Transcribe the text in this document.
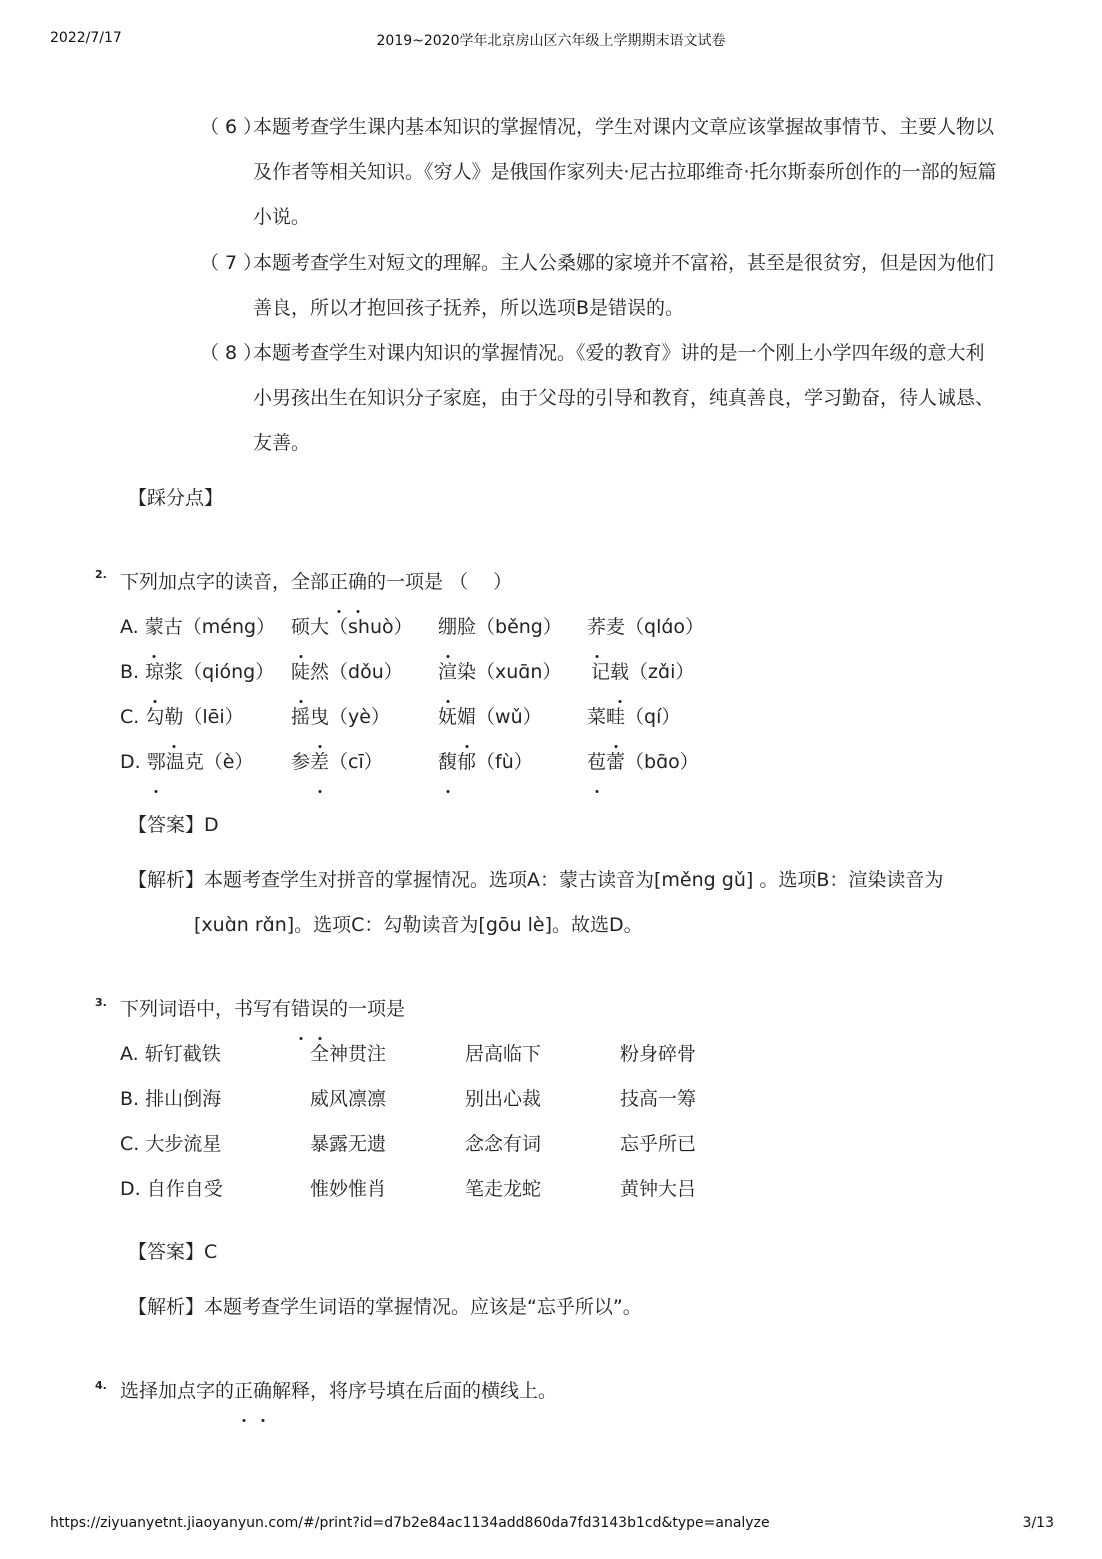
2022/7/17	2019~2020学年北京房山区六年级上学期期末语文试卷
https://ziyuanyetnt.jiaoyanyun.com/#/print?id=d7b2e84ac1134add860da7fd3143b1cd&type=analyze	3/13
（ 6 ）
本题考查学生课内基本知识的掌握情况，学生对课内文章应该掌握故事情节、主要人物以及作者等相关知识。《穷人》是俄国作家列夫·尼古拉耶维奇·托尔斯泰所创作的一部的短篇小说。
（ 7 ）
本题考查学生对短文的理解。主人公桑娜的家境并不富裕，甚至是很贫穷，但是因为他们善良，所以才抱回孩子抚养，所以选项B是错误的。
（ 8 ）
本题考查学生对课内知识的掌握情况。《爱的教育》讲的是一个刚上小学四年级的意大利小男孩出生在知识分子家庭，由于父母的引导和教育，纯真善良，学习勤奋，待人诚恳、友善。
【踩分点】
2. 下列加点字的读音，全部正确的一项是 （　 ）
A. 蒙古（méng） 硕大（shuò） 绷脸（běng） 荞麦（qlɑ́o）
B. 琼浆（qióng） 陡然（dǒu） 渲染（xuɑ̄n） 记载（zɑ̌i）
C. 勾勒（lēi） 摇曳（yè）	妩媚（wǔ） 菜畦（qí）
D. 鄂温克（è） 参差（cī）	馥郁（fù）	苞蕾（bɑ̄o）
【答案】D
【解析】本题考查学生对拼音的掌握情况。选项A：蒙古读音为[měng gǔ] 。选项B：渲染读音为
[xuɑ̀n rɑ̌n]。选项C：勾勒读音为[gōu lè]。故选D。
3. 下列词语中，书写有错误的一项是
A. 斩钉截铁	全神贯注	居高临下	粉身碎骨
B. 排山倒海	威风凛凛	别出心裁	技高一筹
C. 大步流星	暴露无遗	念念有词	忘乎所已
D. 自作自受	惟妙惟肖	笔走龙蛇	黄钟大吕
【答案】C
【解析】本题考查学生词语的掌握情况。应该是“忘乎所以”。
4. 选择加点字的正确解释，将序号填在后面的横线上。
